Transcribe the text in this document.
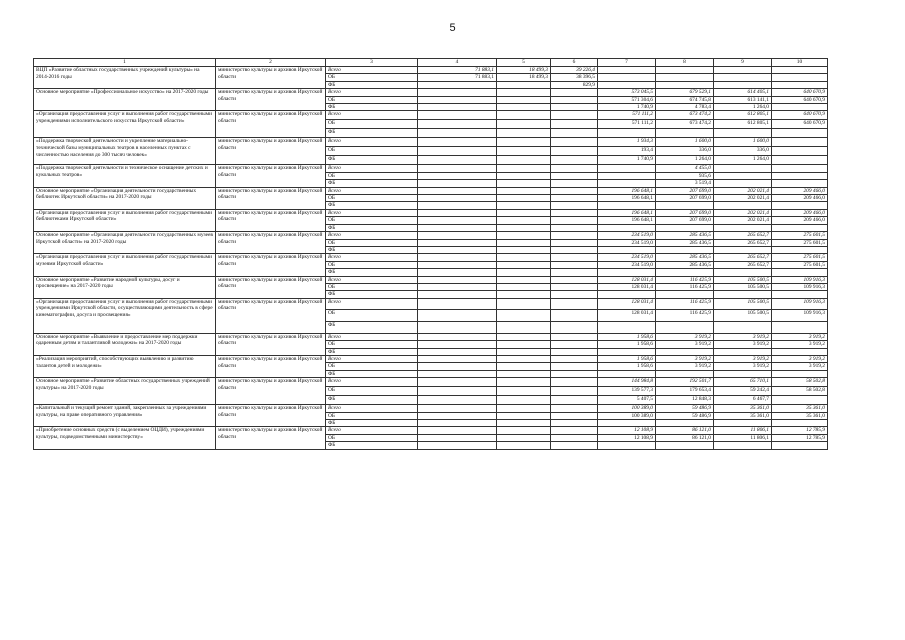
5
1	2	3	4	5	6	7	8	9	10
ВЦП «Развитие областных государственных учреждений культуры» на 2014-2016 годы	министерство культуры и архивов Иркутской области	Всего	71 883,1	18 499,3	39 226,4				
		ОБ	71 883,1	18 499,3	38 396,5				
		ФБ			829,9				
Основное мероприятие «Профессиональное искусство» на 2017-2020 годы	министерство культуры и архивов Иркутской области	Всего				573 045,5	679 529,1	614 405,1	640 670,9
		ОБ				571 304,6	674 745,8	613 141,1	640 670,9
		ФБ				1 740,9	4 783,4	1 264,0	
«Организация предоставления услуг и выполнения работ государственными учреждениями исполнительского искусства Иркутской области»	министерство культуры и архивов Иркутской области	Всего				571 111,2	673 474,2	612 805,1	640 670,9
		ОБ				571 111,2	673 474,2	612 805,1	640 670,9
		ФБ							
«Поддержка творческой деятельности и укрепление материально-технической базы муниципальных театров в населенных пунктах с численностью населения до 300 тысяч человек»	министерство культуры и архивов Иркутской области	Всего				1 934,3	1 600,0	1 600,0	
		ОБ				193,4	336,0	336,0	
		ФБ				1 740,9	1 264,0	1 264,0	
«Поддержка творческой деятельности и техническое оснащение детских и кукольных театров»	министерство культуры и архивов Иркутской области	Всего					4 455,0		
		ОБ					935,6		
		ФБ					3 519,4		
Основное мероприятие «Организация деятельности государственных библиотек Иркутской области» на 2017-2020 годы	министерство культуры и архивов Иркутской области	Всего				196 648,1	207 699,0	202 021,4	209 466,0
		ОБ				196 648,1	207 699,0	202 021,4	209 466,0
		ФБ							
«Организация предоставления услуг и выполнения работ государственными библиотеками Иркутской области»	министерство культуры и архивов Иркутской области	Всего				196 648,1	207 699,0	202 021,4	209 466,0
		ОБ				196 648,1	207 699,0	202 021,4	209 466,0
		ФБ							
Основное мероприятие «Организация деятельности государственных музеев Иркутской области» на 2017-2020 годы	министерство культуры и архивов Иркутской области	Всего				234 519,0	285 436,5	265 652,7	275 601,5
		ОБ				234 519,0	285 436,5	265 652,7	275 601,5
		ФБ							
«Организация предоставления услуг и выполнения работ государственными музеями Иркутской области»	министерство культуры и архивов Иркутской области	Всего				234 519,0	285 436,5	265 652,7	275 601,5
		ОБ				234 519,0	285 436,5	265 652,7	275 601,5
		ФБ							
Основное мероприятие «Развитие народной культуры, досуг и просвещение» на 2017-2020 годы	министерство культуры и архивов Иркутской области	Всего				128 031,4	116 425,9	105 500,5	109 916,3
		ОБ				128 031,4	116 425,9	105 500,5	109 916,3
		ФБ							
«Организация предоставления услуг и выполнения работ государственными учреждениями Иркутской области, осуществляющими деятельность в сфере кинематографии, досуга и просвещения»	министерство культуры и архивов Иркутской области	Всего				128 031,4	116 425,9	105 500,5	109 916,3
		ОБ				128 031,4	116 425,9	105 500,5	109 916,3
		ФБ							
Основное мероприятие «Выявление и предоставление мер поддержки одаренным детям и талантливой молодежи» на 2017-2020 годы	министерство культуры и архивов Иркутской области	Всего				1 958,6	3 919,2	3 919,2	3 919,2
		ОБ				1 958,6	3 919,2	3 919,2	3 919,2
		ФБ							
«Реализация мероприятий, способствующих выявлению и развитию талантов детей и молодежи»	министерство культуры и архивов Иркутской области	Всего				1 958,6	3 919,2	3 919,2	3 919,2
		ОБ				1 958,6	3 919,2	3 919,2	3 919,2
		ФБ							
Основное мероприятие «Развитие областных государственных учреждений культуры» на 2017-2020 годы	министерство культуры и архивов Иркутской области	Всего				144 984,8	192 501,7	65 710,1	58 502,8
		ОБ				139 577,3	179 653,4	59 242,4	58 502,8
		ФБ				5 407,5	12 848,3	6 467,7	
«Капитальный и текущий ремонт зданий, закрепленных за учреждениями культуры, на праве оперативного управления»	министерство культуры и архивов Иркутской области	Всего				100 389,0	59 486,9	35 361,0	35 361,0
		ОБ				100 389,0	59 486,9	35 361,0	35 361,0
		ФБ							
«Приобретение основных средств (с выделением ОЦДИ), учреждениями культуры, подведомственными министерству»	министерство культуры и архивов Иркутской области	Всего				12 108,9	86 121,0	11 806,1	12 785,9
		ОБ				12 108,9	86 121,0	11 806,1	12 785,9
		ФБ							
